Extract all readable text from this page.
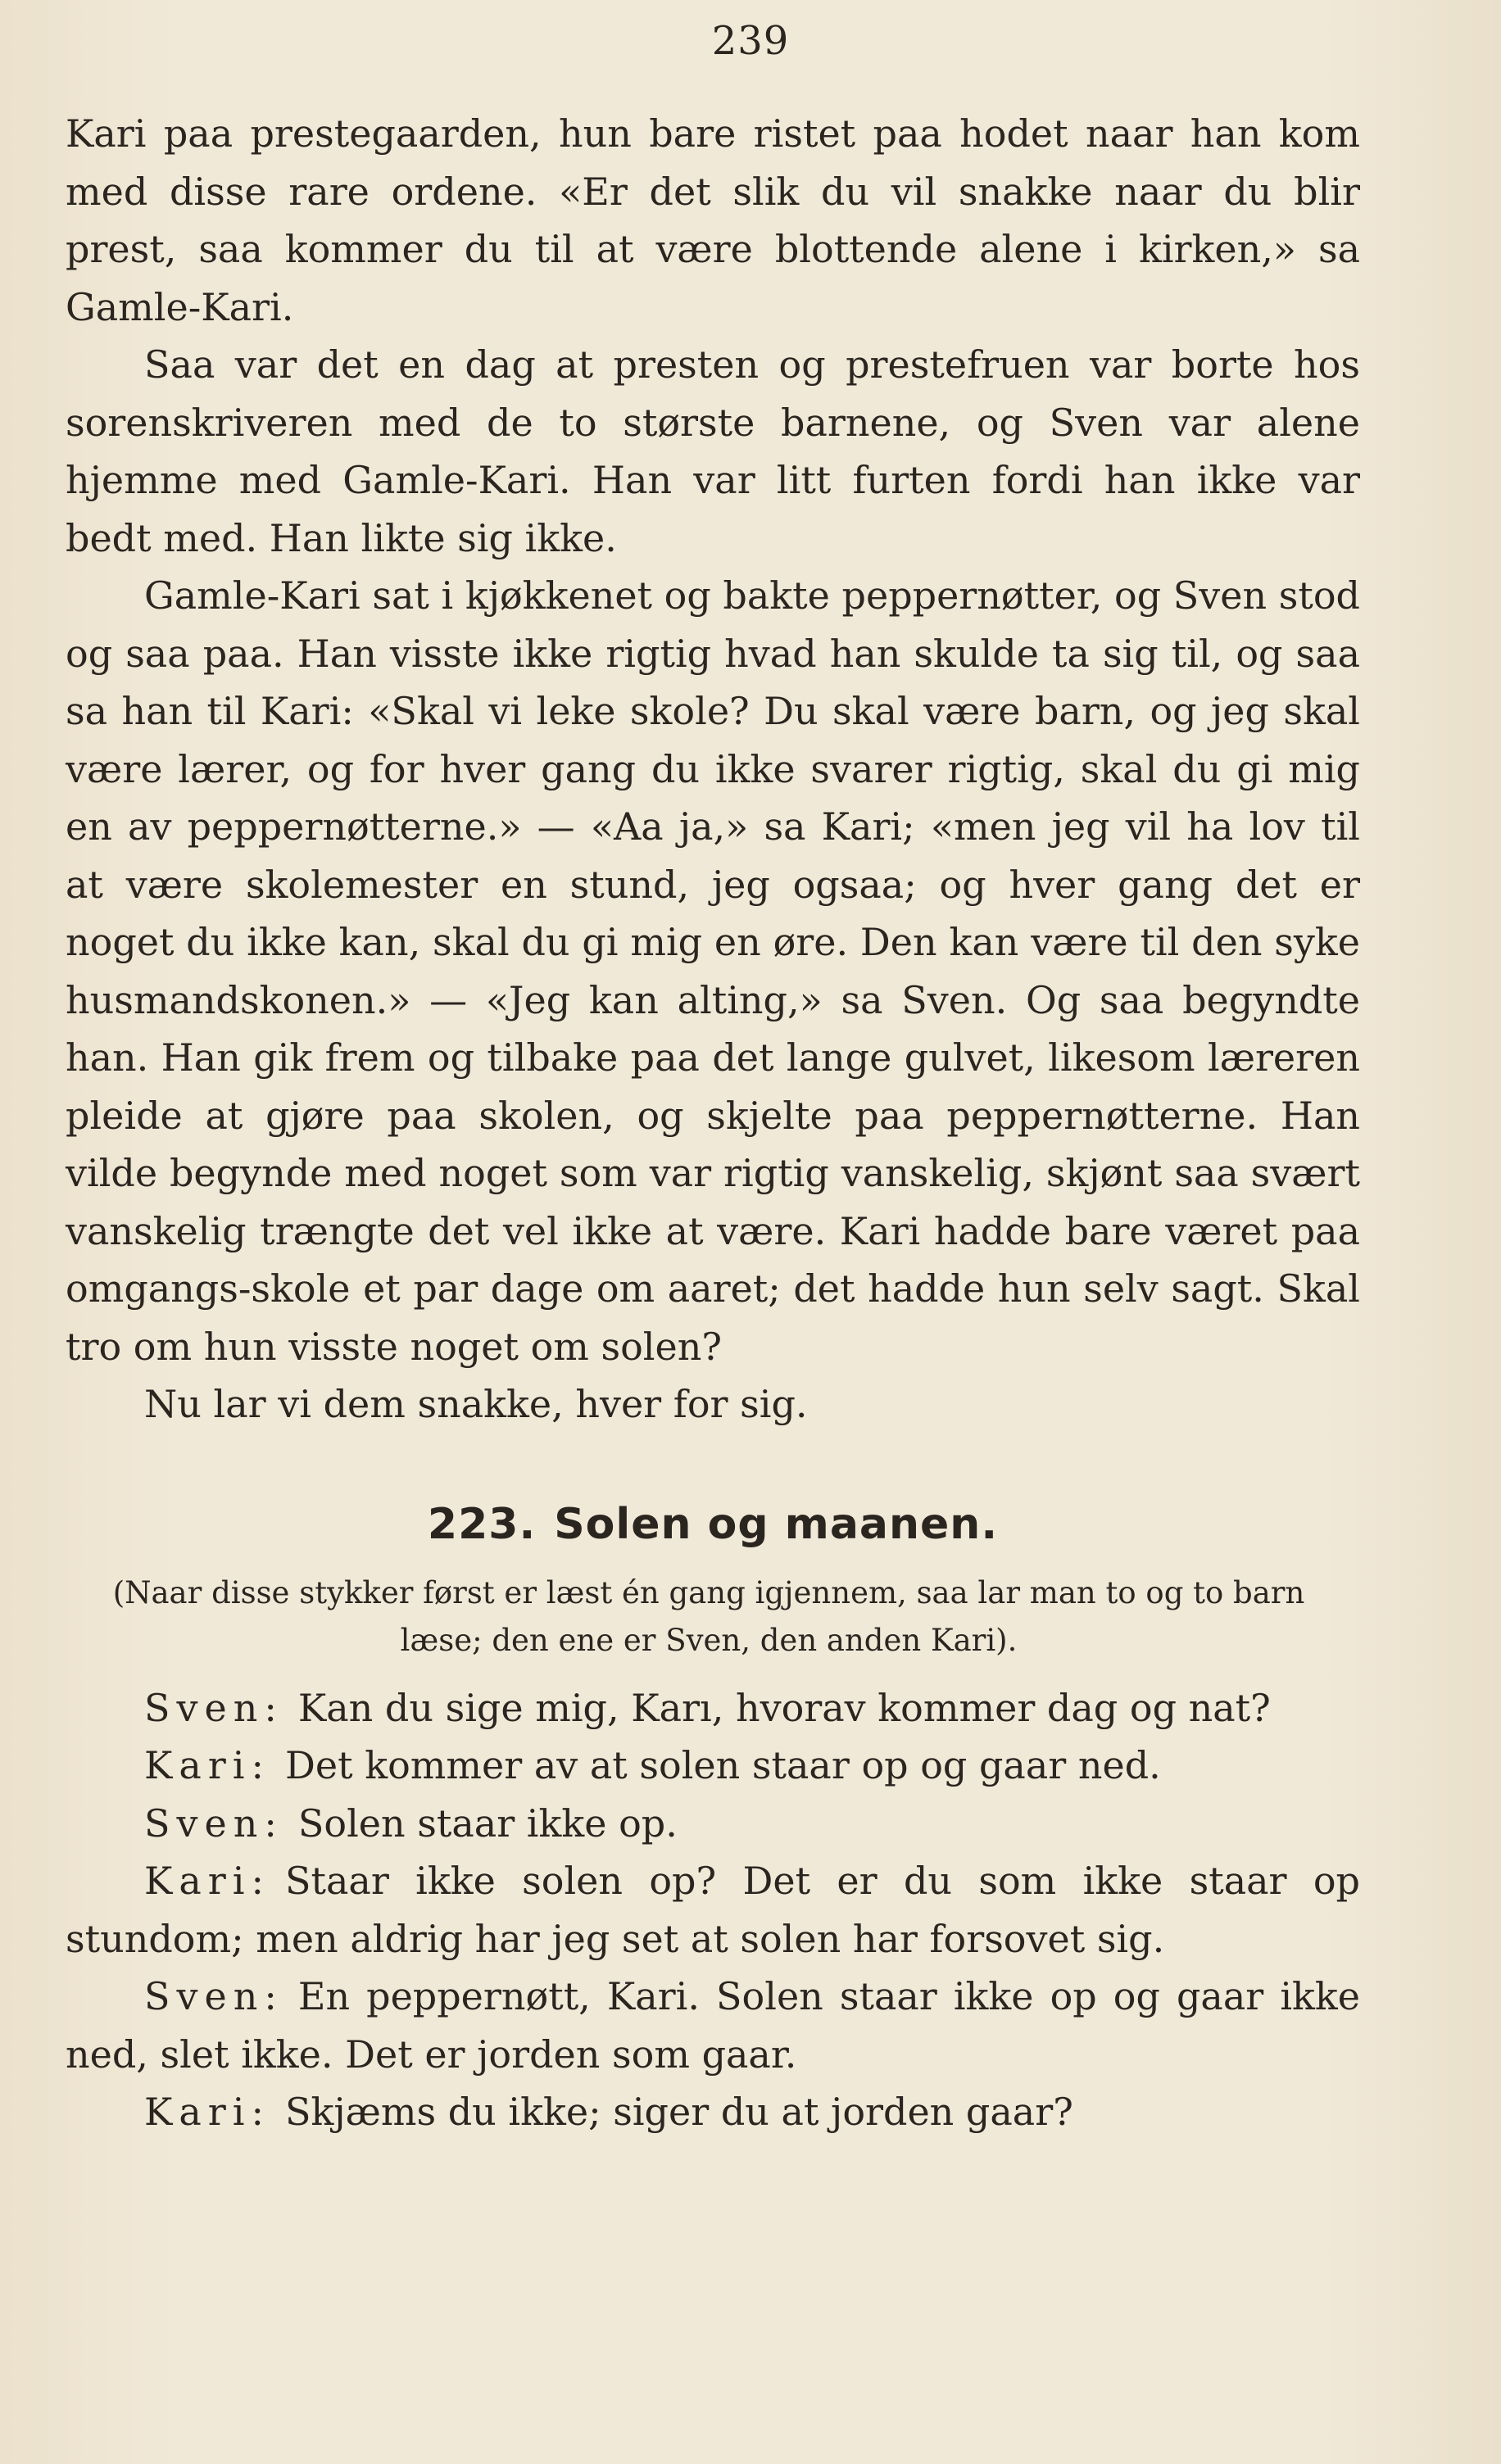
239

Kari paa prestegaarden, hun bare ristet paa hodet naar han kom med disse rare ordene. «Er det slik du vil snakke naar du blir prest, saa kommer du til at være blottende alene i kirken,» sa Gamle-Kari.

Saa var det en dag at presten og prestefruen var borte hos sorenskriveren med de to største barnene, og Sven var alene hjemme med Gamle-Kari. Han var litt furten fordi han ikke var bedt med. Han likte sig ikke.

Gamle-Kari sat i kjøkkenet og bakte peppernøtter, og Sven stod og saa paa. Han visste ikke rigtig hvad han skulde ta sig til, og saa sa han til Kari: «Skal vi leke skole? Du skal være barn, og jeg skal være lærer, og for hver gang du ikke svarer rigtig, skal du gi mig en av peppernøtterne.» — «Aa ja,» sa Kari; «men jeg vil ha lov til at være skolemester en stund, jeg ogsaa; og hver gang det er noget du ikke kan, skal du gi mig en øre. Den kan være til den syke husmandskonen.» — «Jeg kan alting,» sa Sven. Og saa begyndte han. Han gik frem og tilbake paa det lange gulvet, likesom læreren pleide at gjøre paa skolen, og skjelte paa peppernøtterne. Han vilde begynde med noget som var rigtig vanskelig, skjønt saa svært vanskelig trængte det vel ikke at være. Kari hadde bare været paa omgangs-skole et par dage om aaret; det hadde hun selv sagt. Skal tro om hun visste noget om solen?

Nu lar vi dem snakke, hver for sig.

223. Solen og maanen.
(Naar disse stykker først er læst én gang igjennem, saa lar man to og to barn læse; den ene er Sven, den anden Kari).

Sven: Kan du sige mig, Karı, hvorav kommer dag og nat?

Kari: Det kommer av at solen staar op og gaar ned.

Sven: Solen staar ikke op.

Kari: Staar ikke solen op? Det er du som ikke staar op stundom; men aldrig har jeg set at solen har forsovet sig.

Sven: En peppernøtt, Kari. Solen staar ikke op og gaar ikke ned, slet ikke. Det er jorden som gaar.

Kari: Skjæms du ikke; siger du at jorden gaar?
